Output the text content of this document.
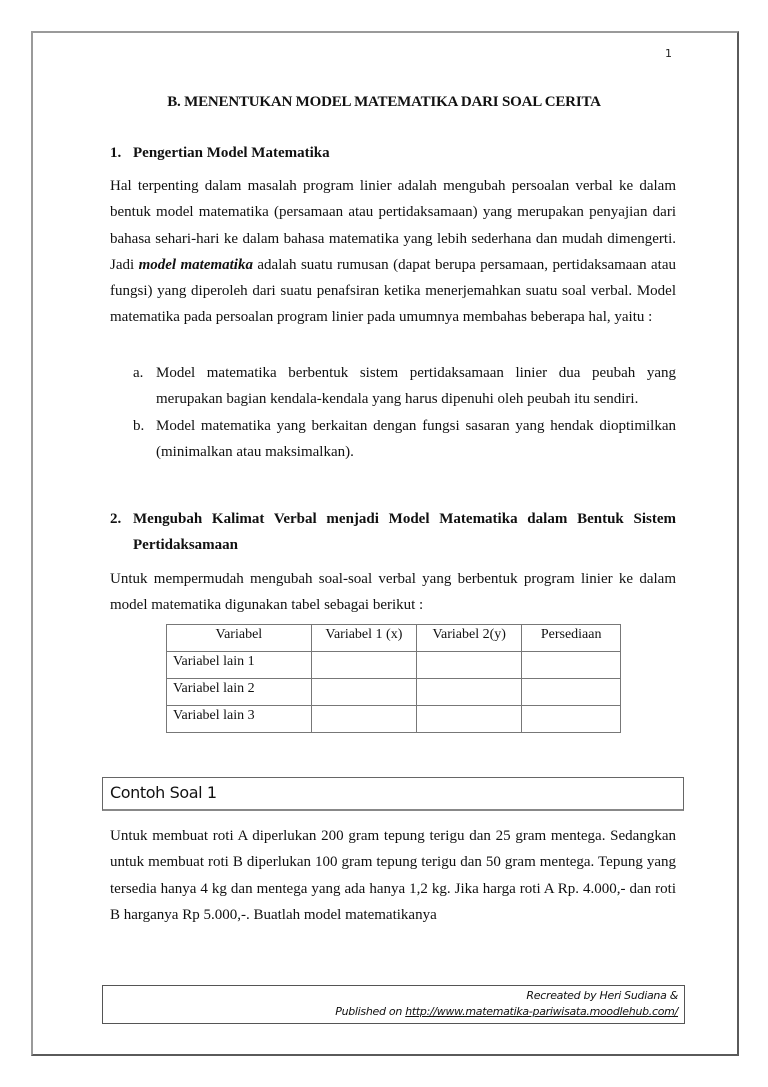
1
B. MENENTUKAN MODEL MATEMATIKA DARI SOAL CERITA
1. Pengertian Model Matematika

Hal terpenting dalam masalah program linier adalah mengubah persoalan verbal ke dalam bentuk model matematika (persamaan atau pertidaksamaan) yang merupakan penyajian dari bahasa sehari-hari ke dalam bahasa matematika yang lebih sederhana dan mudah dimengerti. Jadi model matematika adalah suatu rumusan (dapat berupa persamaan, pertidaksamaan atau fungsi) yang diperoleh dari suatu penafsiran ketika menerjemahkan suatu soal verbal. Model matematika pada persoalan program linier pada umumnya membahas beberapa hal, yaitu :

a. Model matematika berbentuk sistem pertidaksamaan linier dua peubah yang merupakan bagian kendala-kendala yang harus dipenuhi oleh peubah itu sendiri.
b. Model matematika yang berkaitan dengan fungsi sasaran yang hendak dioptimilkan (minimalkan atau maksimalkan).
2. Mengubah Kalimat Verbal menjadi Model Matematika dalam Bentuk Sistem Pertidaksamaan

Untuk mempermudah mengubah soal-soal verbal yang berbentuk program linier ke dalam model matematika digunakan tabel sebagai berikut :

Variabel	Variabel 1 (x)	Variabel 2(y)	Persediaan
Variabel lain 1			
Variabel lain 2			
Variabel lain 3			
Contoh Soal 1

Untuk membuat roti A diperlukan 200 gram tepung terigu dan 25 gram mentega. Sedangkan untuk membuat roti B diperlukan 100 gram tepung terigu dan 50 gram mentega. Tepung yang tersedia hanya 4 kg dan mentega yang ada hanya 1,2 kg. Jika harga roti A Rp. 4.000,- dan roti B harganya Rp 5.000,-. Buatlah model matematikanya

Recreated by Heri Sudiana &
Published on http://www.matematika-pariwisata.moodlehub.com/
